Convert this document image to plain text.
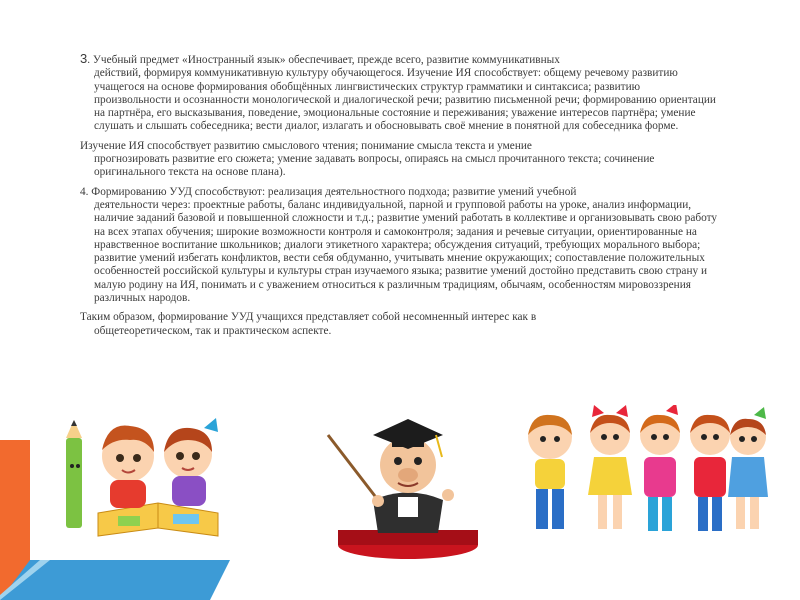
3. Учебный предмет «Иностранный язык» обеспечивает, прежде всего, развитие коммуникативных
действий, формируя коммуникативную культуру обучающегося. Изучение ИЯ способствует: общему речевому развитию учащегося на основе формирования обобщённых лингвистических структур грамматики и синтаксиса; развитию произвольности и осознанности монологической и диалогической речи; развитию письменной речи; формированию ориентации на партнёра, его высказывания, поведение, эмоциональные состояние и переживания; уважение интересов партнёра; умение слушать и слышать собеседника; вести диалог, излагать и обосновывать своё мнение в понятной для собеседника форме.

Изучение ИЯ способствует развитию смыслового чтения; понимание смысла текста и умение
прогнозировать развитие его сюжета; умение задавать вопросы, опираясь на смысл прочитанного текста; сочинение оригинального текста на основе плана).

4. Формированию УУД способствуют: реализация деятельностного подхода; развитие умений учебной
деятельности через: проектные работы, баланс индивидуальной, парной и групповой работы на уроке, анализ информации, наличие заданий базовой и повышенной сложности и т.д.; развитие умений работать в коллективе и организовывать свою работу на всех этапах обучения; широкие возможности контроля и самоконтроля; задания и речевые ситуации, ориентированные на нравственное воспитание школьников; диалоги этикетного характера; обсуждения ситуаций, требующих морального выбора; развитие умений избегать конфликтов, вести себя обдуманно, учитывать мнение окружающих; сопоставление положительных особенностей российской культуры и культуры стран изучаемого языка; развитие умений достойно представить свою страну и малую родину на ИЯ, понимать и с уважением относиться к различным традициям, обычаям, особенностям мировоззрения различных народов.

Таким образом, формирование УУД учащихся представляет собой несомненный интерес как в
общетеоретическом, так и практическом аспекте.
